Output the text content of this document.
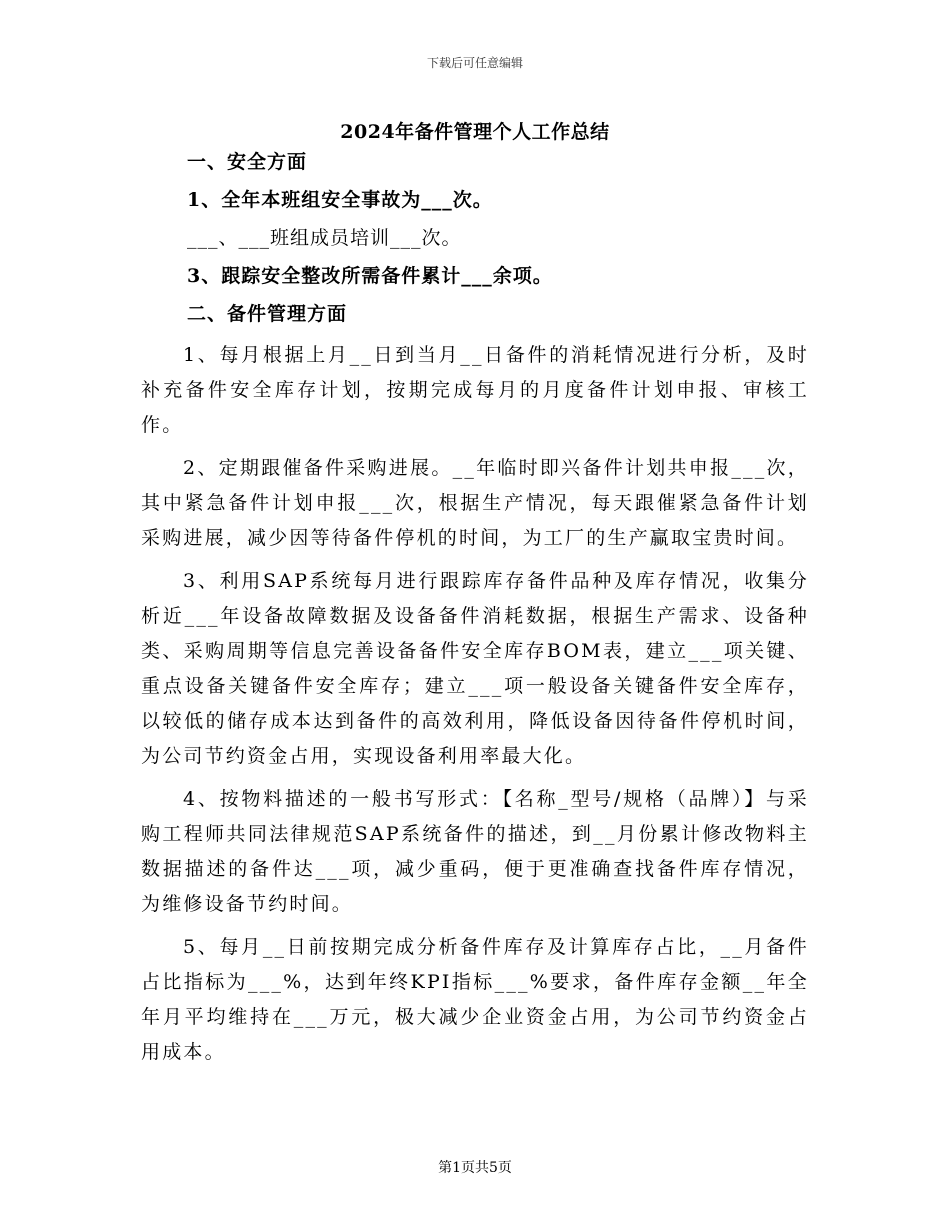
下载后可任意编辑
2024年备件管理个人工作总结
一、安全方面
1、全年本班组安全事故为___次。
___、___班组成员培训___次。
3、跟踪安全整改所需备件累计___余项。
二、备件管理方面
1、每月根据上月__日到当月__日备件的消耗情况进行分析，及时补充备件安全库存计划，按期完成每月的月度备件计划申报、审核工作。
2、定期跟催备件采购进展。__年临时即兴备件计划共申报___次，其中紧急备件计划申报___次，根据生产情况，每天跟催紧急备件计划采购进展，减少因等待备件停机的时间，为工厂的生产赢取宝贵时间。
3、利用SAP系统每月进行跟踪库存备件品种及库存情况，收集分析近___年设备故障数据及设备备件消耗数据，根据生产需求、设备种类、采购周期等信息完善设备备件安全库存BOM表，建立___项关键、重点设备关键备件安全库存；建立___项一般设备关键备件安全库存，以较低的储存成本达到备件的高效利用，降低设备因待备件停机时间，为公司节约资金占用，实现设备利用率最大化。
4、按物料描述的一般书写形式：【名称_型号/规格（品牌）】与采购工程师共同法律规范SAP系统备件的描述，到__月份累计修改物料主数据描述的备件达___项，减少重码，便于更准确查找备件库存情况，为维修设备节约时间。
5、每月__日前按期完成分析备件库存及计算库存占比，__月备件占比指标为___%，达到年终KPI指标___%要求，备件库存金额__年全年月平均维持在___万元，极大减少企业资金占用，为公司节约资金占用成本。
第1页共5页
